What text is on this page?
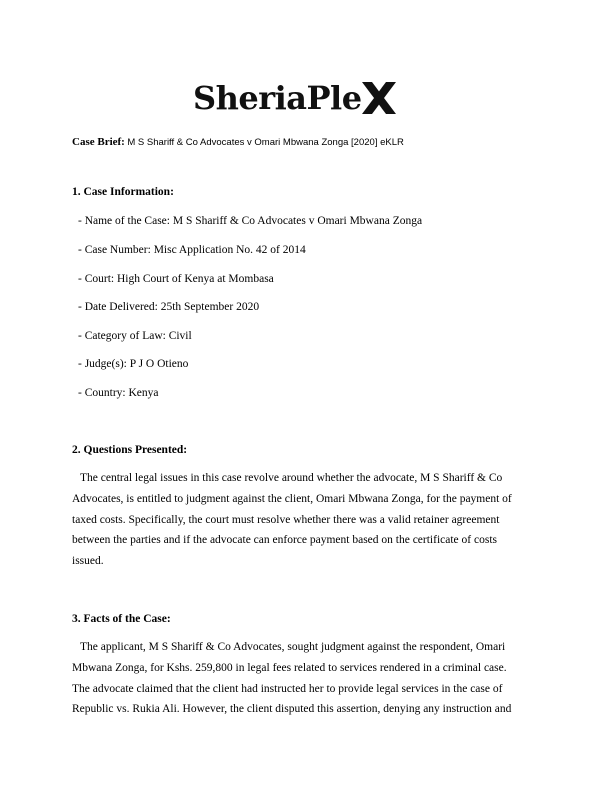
SheriaPle
Case Brief: M S Shariff & Co Advocates v Omari Mbwana Zonga [2020] eKLR
1. Case Information:
- Name of the Case: M S Shariff & Co Advocates v Omari Mbwana Zonga
- Case Number: Misc Application No. 42 of 2014
- Court: High Court of Kenya at Mombasa
- Date Delivered: 25th September 2020
- Category of Law: Civil
- Judge(s): P J O Otieno
- Country: Kenya
2. Questions Presented:
The central legal issues in this case revolve around whether the advocate, M S Shariff & Co
Advocates, is entitled to judgment against the client, Omari Mbwana Zonga, for the payment of
taxed costs. Specifically, the court must resolve whether there was a valid retainer agreement
between the parties and if the advocate can enforce payment based on the certificate of costs
issued.
3. Facts of the Case:
The applicant, M S Shariff & Co Advocates, sought judgment against the respondent, Omari
Mbwana Zonga, for Kshs. 259,800 in legal fees related to services rendered in a criminal case.
The advocate claimed that the client had instructed her to provide legal services in the case of
Republic vs. Rukia Ali. However, the client disputed this assertion, denying any instruction and
